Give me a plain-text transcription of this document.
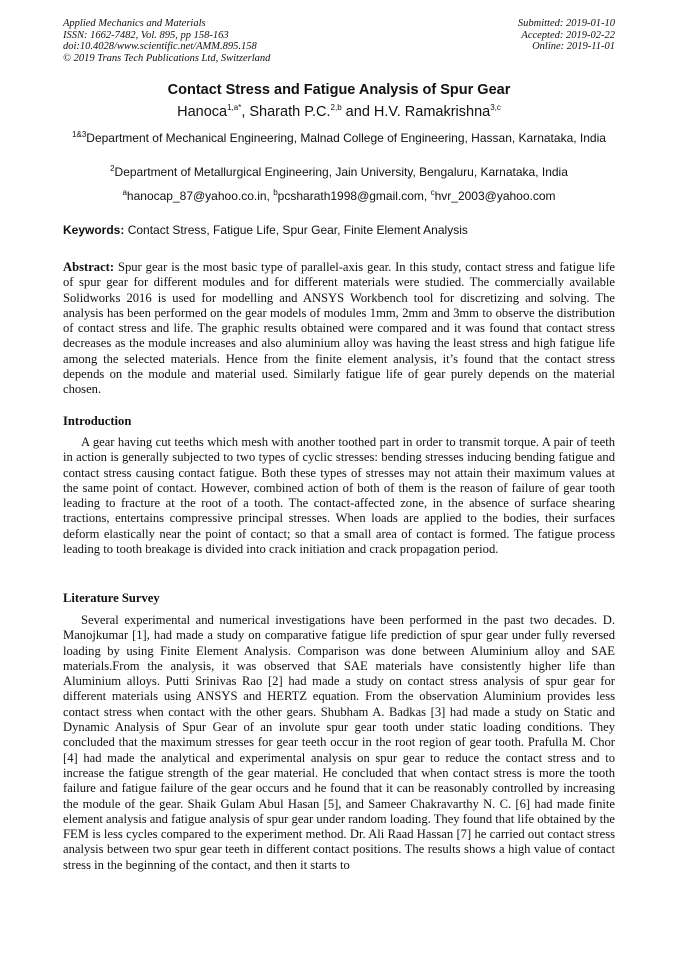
Applied Mechanics and Materials
ISSN: 1662-7482, Vol. 895, pp 158-163
doi:10.4028/www.scientific.net/AMM.895.158
© 2019 Trans Tech Publications Ltd, Switzerland
Submitted: 2019-01-10
Accepted: 2019-02-22
Online: 2019-11-01
Contact Stress and Fatigue Analysis of Spur Gear
Hanoca$^{1,a*}$, Sharath P.C.$^{2,b}$ and H.V. Ramakrishna$^{3,c}$
$^{1\&3}$Department of Mechanical Engineering, Malnad College of Engineering, Hassan, Karnataka, India
$^2$Department of Metallurgical Engineering, Jain University, Bengaluru, Karnataka, India
$^a$hanocap_87@yahoo.co.in, $^b$pcsharath1998@gmail.com, $^c$hvr_2003@yahoo.com
Keywords: Contact Stress, Fatigue Life, Spur Gear, Finite Element Analysis
Abstract: Spur gear is the most basic type of parallel-axis gear. In this study, contact stress and fatigue life of spur gear for different modules and for different materials were studied. The commercially available Solidworks 2016 is used for modelling and ANSYS Workbench tool for discretizing and solving. The analysis has been performed on the gear models of modules 1mm, 2mm and 3mm to observe the distribution of contact stress and life. The graphic results obtained were compared and it was found that contact stress decreases as the module increases and also aluminium alloy was having the least stress and high fatigue life among the selected materials. Hence from the finite element analysis, it’s found that the contact stress depends on the module and material used. Similarly fatigue life of gear purely depends on the material chosen.
Introduction
A gear having cut teeths which mesh with another toothed part in order to transmit torque. A pair of teeth in action is generally subjected to two types of cyclic stresses: bending stresses inducing bending fatigue and contact stress causing contact fatigue. Both these types of stresses may not attain their maximum values at the same point of contact. However, combined action of both of them is the reason of failure of gear tooth leading to fracture at the root of a tooth. The contact-affected zone, in the absence of surface shearing tractions, entertains compressive principal stresses. When loads are applied to the bodies, their surfaces deform elastically near the point of contact; so that a small area of contact is formed. The fatigue process leading to tooth breakage is divided into crack initiation and crack propagation period.
Literature Survey
Several experimental and numerical investigations have been performed in the past two decades. D. Manojkumar [1], had made a study on comparative fatigue life prediction of spur gear under fully reversed loading by using Finite Element Analysis. Comparison was done between Aluminium alloy and SAE materials.From the analysis, it was observed that SAE materials have consistently higher life than Aluminium alloys. Putti Srinivas Rao [2] had made a study on contact stress analysis of spur gear for different materials using ANSYS and HERTZ equation. From the observation Aluminium provides less contact stress when contact with the other gears. Shubham A. Badkas [3] had made a study on Static and Dynamic Analysis of Spur Gear of an involute spur gear tooth under static loading conditions. They concluded that the maximum stresses for gear teeth occur in the root region of gear tooth. Prafulla M. Chor [4] had made the analytical and experimental analysis on spur gear to reduce the contact stress and to increase the fatigue strength of the gear material. He concluded that when contact stress is more the tooth failure and fatigue failure of the gear occurs and he found that it can be reasonably controlled by increasing the module of the gear. Shaik Gulam Abul Hasan [5], and Sameer Chakravarthy N. C. [6] had made finite element analysis and fatigue analysis of spur gear under random loading. They found that life obtained by the FEM is less cycles compared to the experiment method. Dr. Ali Raad Hassan [7] he carried out contact stress analysis between two spur gear teeth in different contact positions. The results shows a high value of contact stress in the beginning of the contact, and then it starts to
